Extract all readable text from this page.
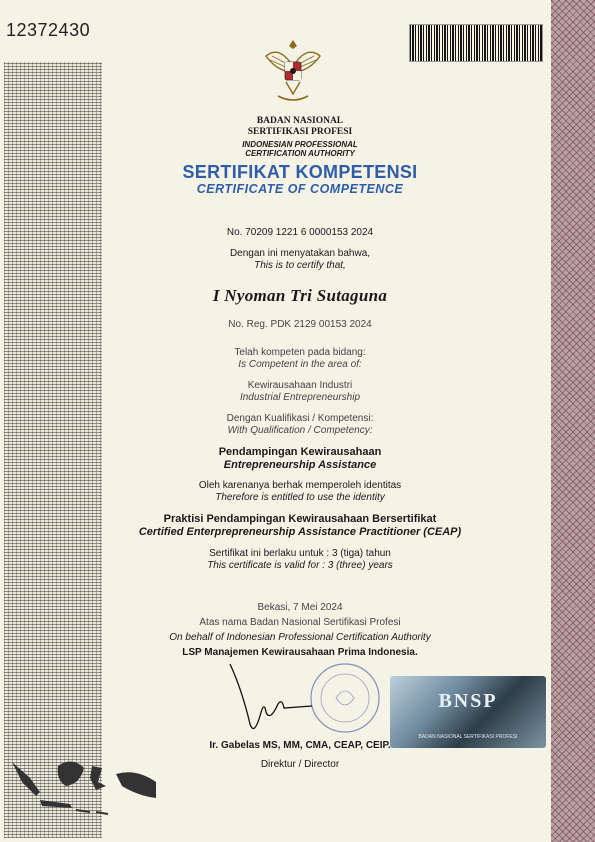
12372430
BADAN NASIONAL
SERTIFIKASI PROFESI
INDONESIAN PROFESSIONAL
CERTIFICATION AUTHORITY
SERTIFIKAT KOMPETENSI
CERTIFICATE OF COMPETENCE
No. 70209 1221 6 0000153 2024
Dengan ini menyatakan bahwa,
This is to certify that,
I Nyoman Tri Sutaguna
No. Reg. PDK 2129 00153 2024
Telah kompeten pada bidang:
Is Competent in the area of:
Kewirausahaan Industri
Industrial Entrepreneurship
Dengan Kualifikasi / Kompetensi:
With Qualification / Competency:
Pendampingan Kewirausahaan
Entrepreneurship Assistance
Oleh karenanya berhak memperoleh identitas
Therefore is entitled to use the identity
Praktisi Pendampingan Kewirausahaan Bersertifikat
Certified Enterprepreneurship Assistance Practitioner (CEAP)
Sertifikat ini berlaku untuk : 3 (tiga) tahun
This certificate is valid for : 3 (three) years
Bekasi, 7 Mei 2024
Atas nama Badan Nasional Sertifikasi Profesi
On behalf of Indonesian Professional Certification Authority
LSP Manajemen Kewirausahaan Prima Indonesia.
BNSP
BADAN NASIONAL SERTIFIKASI PROFESI
Ir. Gabelas MS, MM, CMA, CEAP, CEIP.
Direktur / Director
